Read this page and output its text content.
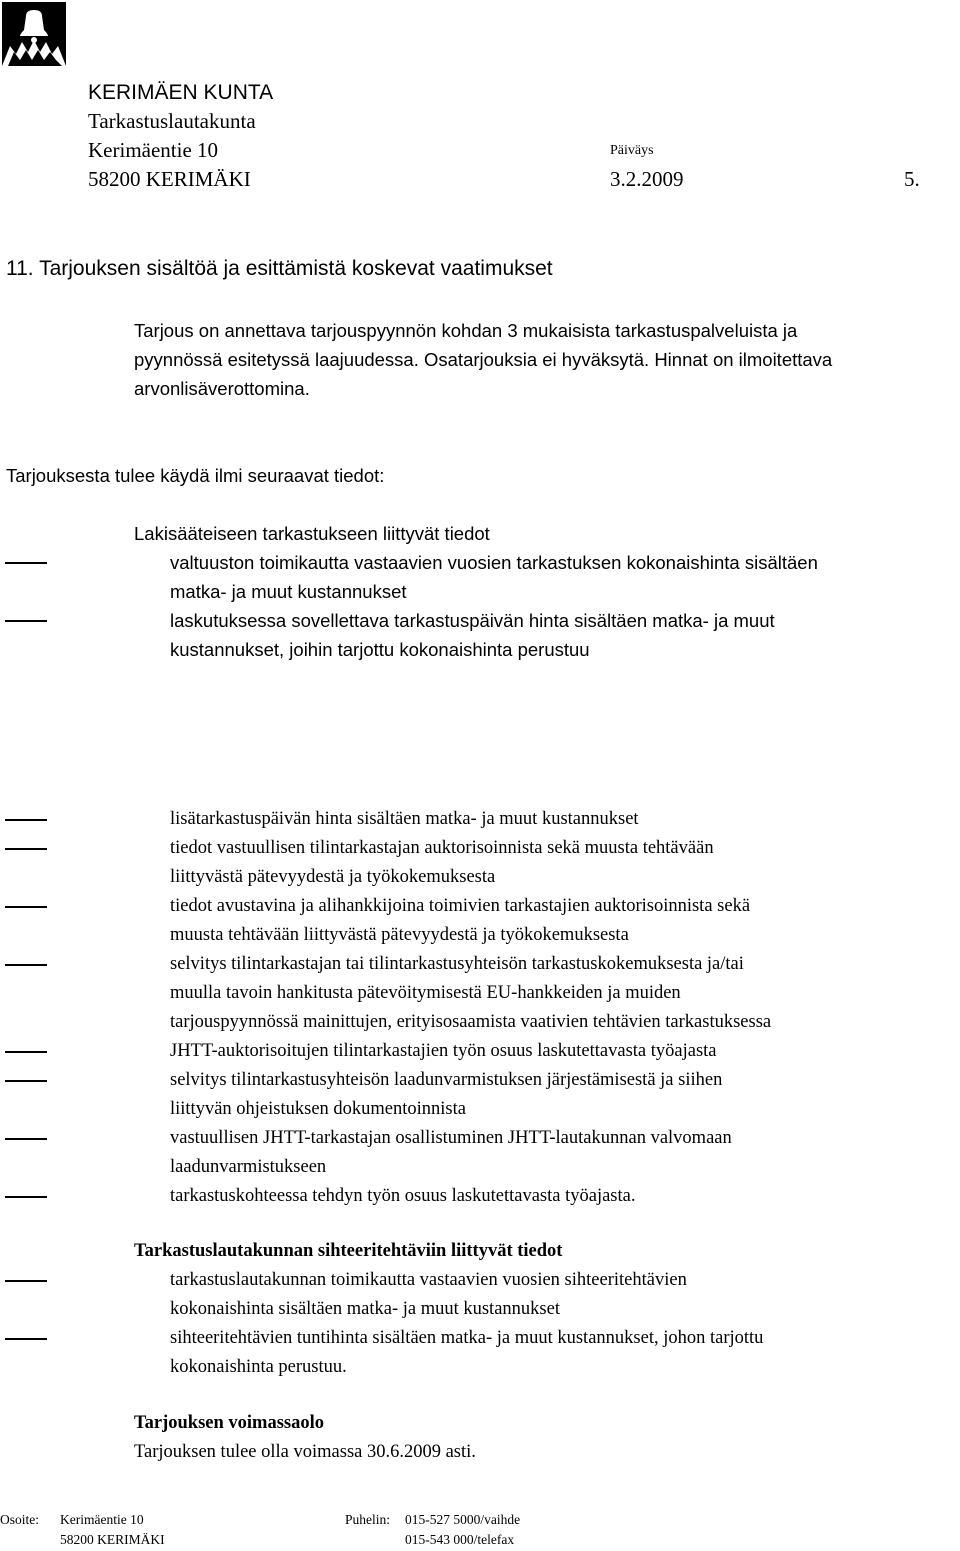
KERIMÄEN KUNTA
Tarkastuslautakunta
Kerimäentie 10
58200 KERIMÄKI
Päiväys
3.2.2009	5.
11. Tarjouksen sisältöä ja esittämistä koskevat vaatimukset
Tarjous on annettava tarjouspyynnön kohdan 3 mukaisista tarkastuspalveluista ja
pyynnössä esitetyssä laajuudessa. Osatarjouksia ei hyväksytä. Hinnat on ilmoitettava
arvonlisäverottomina.
Tarjouksesta tulee käydä ilmi seuraavat tiedot:
Lakisääteiseen tarkastukseen liittyvät tiedot
valtuuston toimikautta vastaavien vuosien tarkastuksen kokonaishinta sisältäen
matka- ja muut kustannukset
laskutuksessa sovellettava tarkastuspäivän hinta sisältäen matka- ja muut
kustannukset, joihin tarjottu kokonaishinta perustuu
lisätarkastuspäivän hinta sisältäen matka- ja muut kustannukset
tiedot vastuullisen tilintarkastajan auktorisoinnista sekä muusta tehtävään
liittyvästä pätevyydestä ja työkokemuksesta
tiedot avustavina ja alihankkijoina toimivien tarkastajien auktorisoinnista sekä
muusta tehtävään liittyvästä pätevyydestä ja työkokemuksesta
selvitys tilintarkastajan tai tilintarkastusyhteisön tarkastuskokemuksesta ja/tai
muulla tavoin hankitusta pätevöitymisestä EU-hankkeiden ja muiden
tarjouspyynnössä mainittujen, erityisosaamista vaativien tehtävien tarkastuksessa
JHTT-auktorisoitujen tilintarkastajien työn osuus laskutettavasta työajasta
selvitys tilintarkastusyhteisön laadunvarmistuksen järjestämisestä ja siihen
liittyvän ohjeistuksen dokumentoinnista
vastuullisen JHTT-tarkastajan osallistuminen JHTT-lautakunnan valvomaan
laadunvarmistukseen
tarkastuskohteessa tehdyn työn osuus laskutettavasta työajasta.
Tarkastuslautakunnan sihteeritehtäviin liittyvät tiedot
tarkastuslautakunnan toimikautta vastaavien vuosien sihteeritehtävien
kokonaishinta sisältäen matka- ja muut kustannukset
sihteeritehtävien tuntihinta sisältäen matka- ja muut kustannukset, johon tarjottu
kokonaishinta perustuu.
Tarjouksen voimassaolo
Tarjouksen tulee olla voimassa 30.6.2009 asti.
Osoite: Kerimäentie 10
58200 KERIMÄKI
Puhelin: 015-527 5000/vaihde
015-543 000/telefax
